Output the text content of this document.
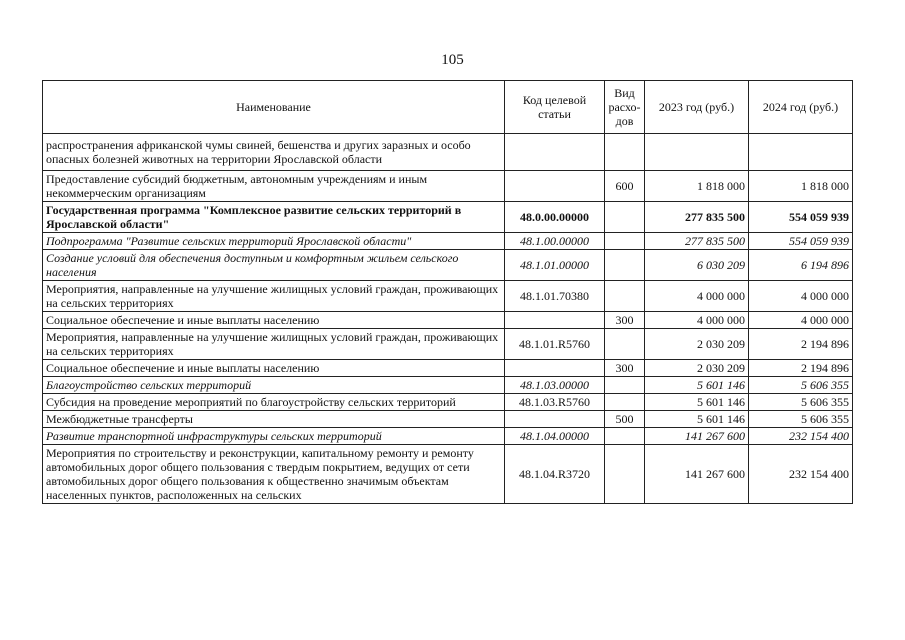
105
Наименование	Код целевой статьи	Вид расхо-дов	2023 год (руб.)	2024 год (руб.)
распространения африканской чумы свиней, бешенства и других заразных и особо опасных болезней животных на территории Ярославской области				
Предоставление субсидий бюджетным, автономным учреждениям и иным некоммерческим организациям		600	1 818 000	1 818 000
Государственная программа "Комплексное развитие сельских территорий в Ярославской области"	48.0.00.00000		277 835 500	554 059 939
Подпрограмма "Развитие сельских территорий Ярославской области"	48.1.00.00000		277 835 500	554 059 939
Создание условий для обеспечения доступным и комфортным жильем сельского населения	48.1.01.00000		6 030 209	6 194 896
Мероприятия, направленные на улучшение жилищных условий граждан, проживающих на сельских территориях	48.1.01.70380		4 000 000	4 000 000
Социальное обеспечение и иные выплаты населению		300	4 000 000	4 000 000
Мероприятия, направленные на улучшение жилищных условий граждан, проживающих на сельских территориях	48.1.01.R5760		2 030 209	2 194 896
Социальное обеспечение и иные выплаты населению		300	2 030 209	2 194 896
Благоустройство сельских территорий	48.1.03.00000		5 601 146	5 606 355
Субсидия на проведение мероприятий по благоустройству сельских территорий	48.1.03.R5760		5 601 146	5 606 355
Межбюджетные трансферты		500	5 601 146	5 606 355
Развитие транспортной инфраструктуры сельских территорий	48.1.04.00000		141 267 600	232 154 400
Мероприятия по строительству и реконструкции, капитальному ремонту и ремонту автомобильных дорог общего пользования с твердым покрытием, ведущих от сети автомобильных дорог общего пользования к общественно значимым объектам населенных пунктов, расположенных на сельских	48.1.04.R3720		141 267 600	232 154 400
